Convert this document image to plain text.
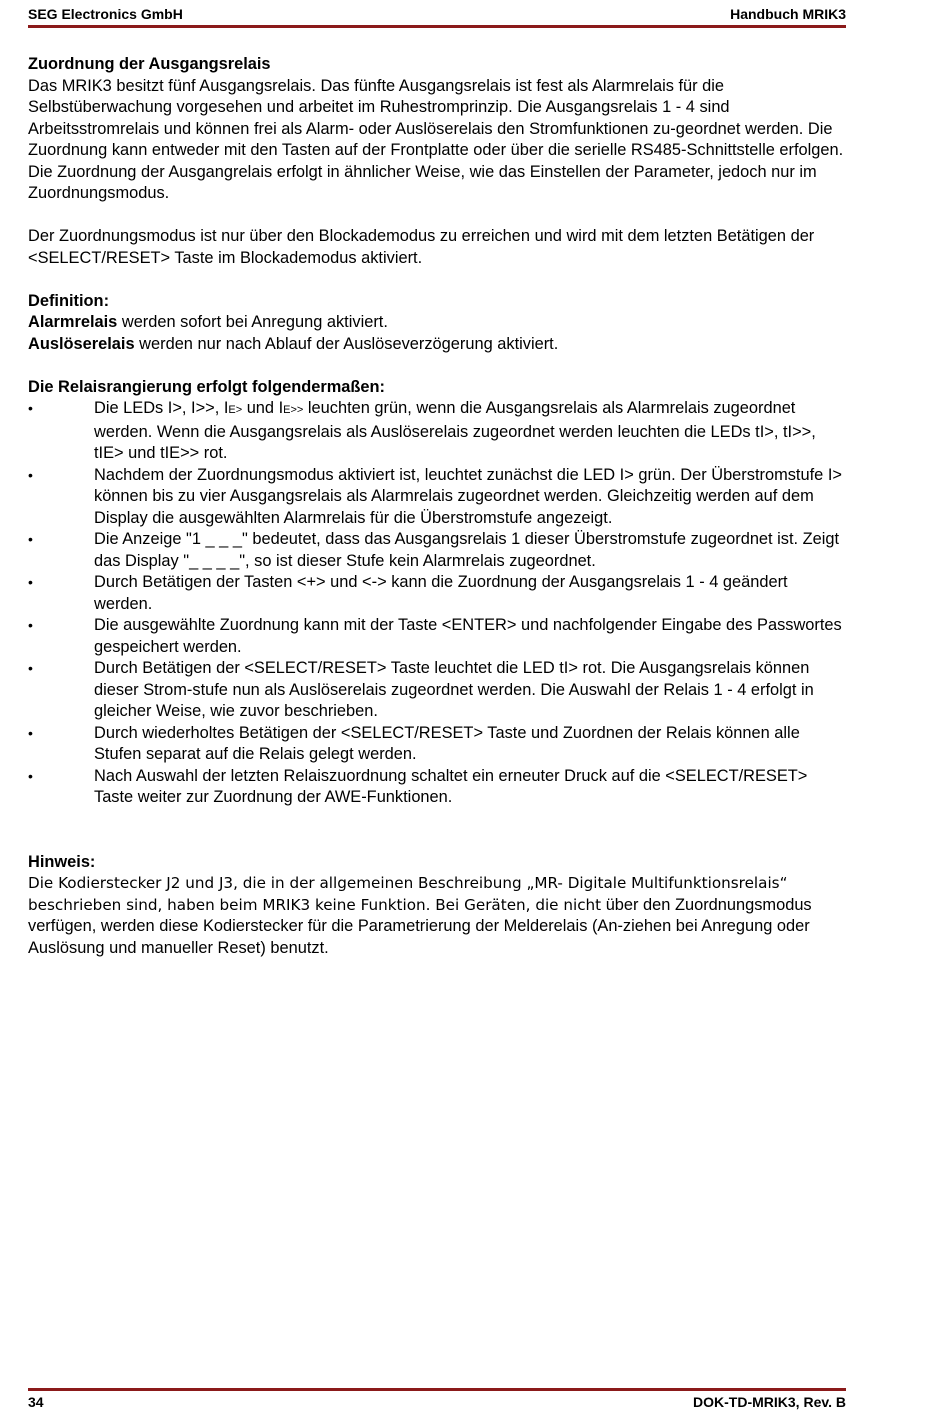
SEG Electronics GmbH	Handbuch MRIK3

Zuordnung der Ausgangsrelais

Das MRIK3 besitzt fünf Ausgangsrelais. Das fünfte Ausgangsrelais ist fest als Alarmrelais für die Selbstüberwachung vorgesehen und arbeitet im Ruhestromprinzip. Die Ausgangsrelais 1 - 4 sind Arbeitsstromrelais und können frei als Alarm- oder Auslöserelais den Stromfunktionen zu-geordnet werden. Die Zuordnung kann entweder mit den Tasten auf der Frontplatte oder über die serielle RS485-Schnittstelle erfolgen. Die Zuordnung der Ausgangrelais erfolgt in ähnlicher Weise, wie das Einstellen der Parameter, jedoch nur im Zuordnungsmodus.

Der Zuordnungsmodus ist nur über den Blockademodus zu erreichen und wird mit dem letzten Betätigen der <SELECT/RESET> Taste im Blockademodus aktiviert.

Definition:

Alarmrelais werden sofort bei Anregung aktiviert.

Auslöserelais werden nur nach Ablauf der Auslöseverzögerung aktiviert.

Die Relaisrangierung erfolgt folgendermaßen:

•	Die LEDs I>, I>>, IE> und IE>> leuchten grün, wenn die Ausgangsrelais als Alarmrelais zugeordnet werden. Wenn die Ausgangsrelais als Auslöserelais zugeordnet werden leuchten die LEDs tI>, tI>>, tIE> und tIE>> rot.
•	Nachdem der Zuordnungsmodus aktiviert ist, leuchtet zunächst die LED I> grün. Der Überstromstufe I> können bis zu vier Ausgangsrelais als Alarmrelais zugeordnet werden. Gleichzeitig werden auf dem Display die ausgewählten Alarmrelais für die Überstromstufe angezeigt.
•	Die Anzeige "1 _ _ _" bedeutet, dass das Ausgangsrelais 1 dieser Überstromstufe zugeordnet ist. Zeigt das Display "_ _ _ _", so ist dieser Stufe kein Alarmrelais zugeordnet.
•	Durch Betätigen der Tasten <+> und <-> kann die Zuordnung der Ausgangsrelais 1 - 4 geändert werden.
•	Die ausgewählte Zuordnung kann mit der Taste <ENTER> und nachfolgender Eingabe des Passwortes gespeichert werden.
•	Durch Betätigen der <SELECT/RESET> Taste leuchtet die LED tI> rot. Die Ausgangsrelais können dieser Strom-stufe nun als Auslöserelais zugeordnet werden. Die Auswahl der Relais 1 - 4 erfolgt in gleicher Weise, wie zuvor beschrieben.
•	Durch wiederholtes Betätigen der <SELECT/RESET> Taste und Zuordnen der Relais können alle Stufen separat auf die Relais gelegt werden.
•	Nach Auswahl der letzten Relaiszuordnung schaltet ein erneuter Druck auf die <SELECT/RESET> Taste weiter zur Zuordnung der AWE-Funktionen.

Hinweis:

Die Kodierstecker J2 und J3, die in der allgemeinen Beschreibung „MR- Digitale Multifunktionsrelais“ beschrieben sind, haben beim MRIK3 keine Funktion. Bei Geräten, die nicht über den Zuordnungsmodus verfügen, werden diese Kodierstecker für die Parametrierung der Melderelais (An-ziehen bei Anregung oder Auslösung und manueller Reset) benutzt.

34	DOK-TD-MRIK3, Rev. B
